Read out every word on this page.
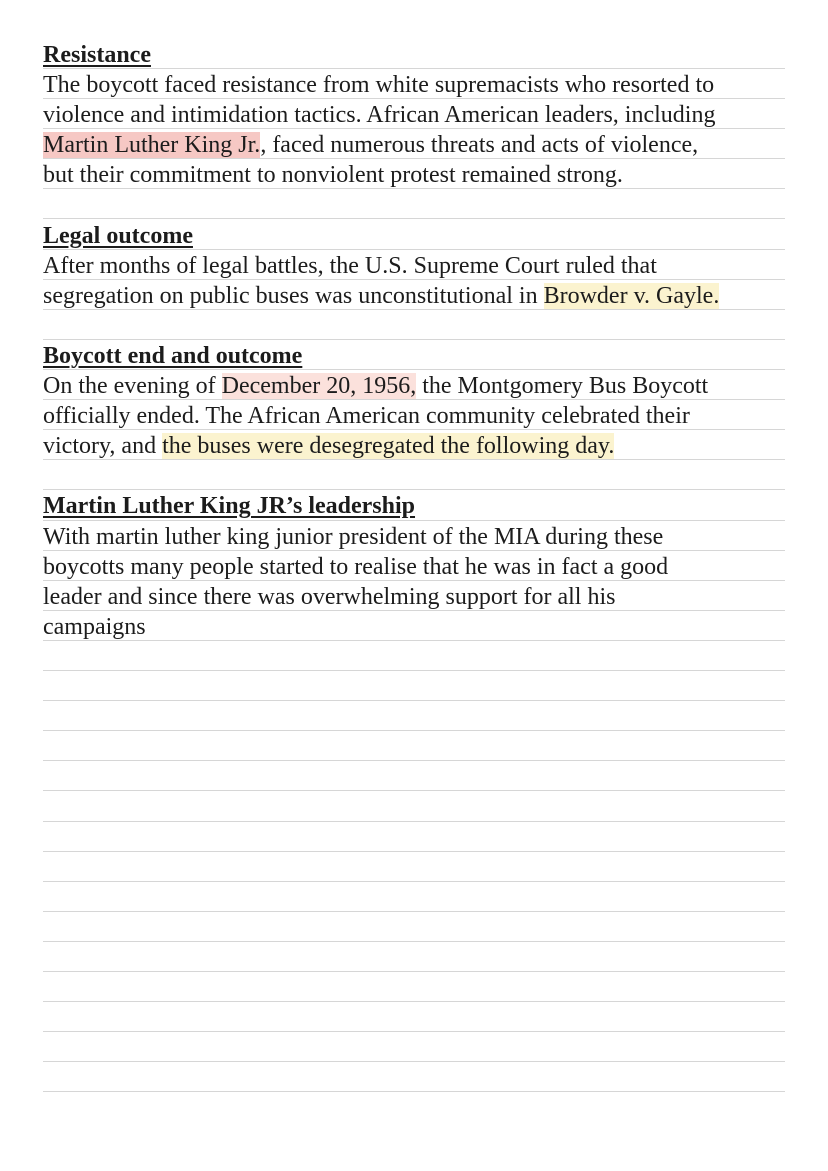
Resistance
The boycott faced resistance from white supremacists who resorted to
violence and intimidation tactics. African American leaders, including
Martin Luther King Jr., faced numerous threats and acts of violence,
but their commitment to nonviolent protest remained strong.
Legal outcome
After months of legal battles, the U.S. Supreme Court ruled that
segregation on public buses was unconstitutional in Browder v. Gayle.
Boycott end and outcome
On the evening of December 20, 1956, the Montgomery Bus Boycott
officially ended. The African American community celebrated their
victory, and the buses were desegregated the following day.
Martin Luther King JR’s leadership
With martin luther king junior president of the MIA during these
boycotts many people started to realise that he was in fact a good
leader and since there was overwhelming support for all his
campaigns
